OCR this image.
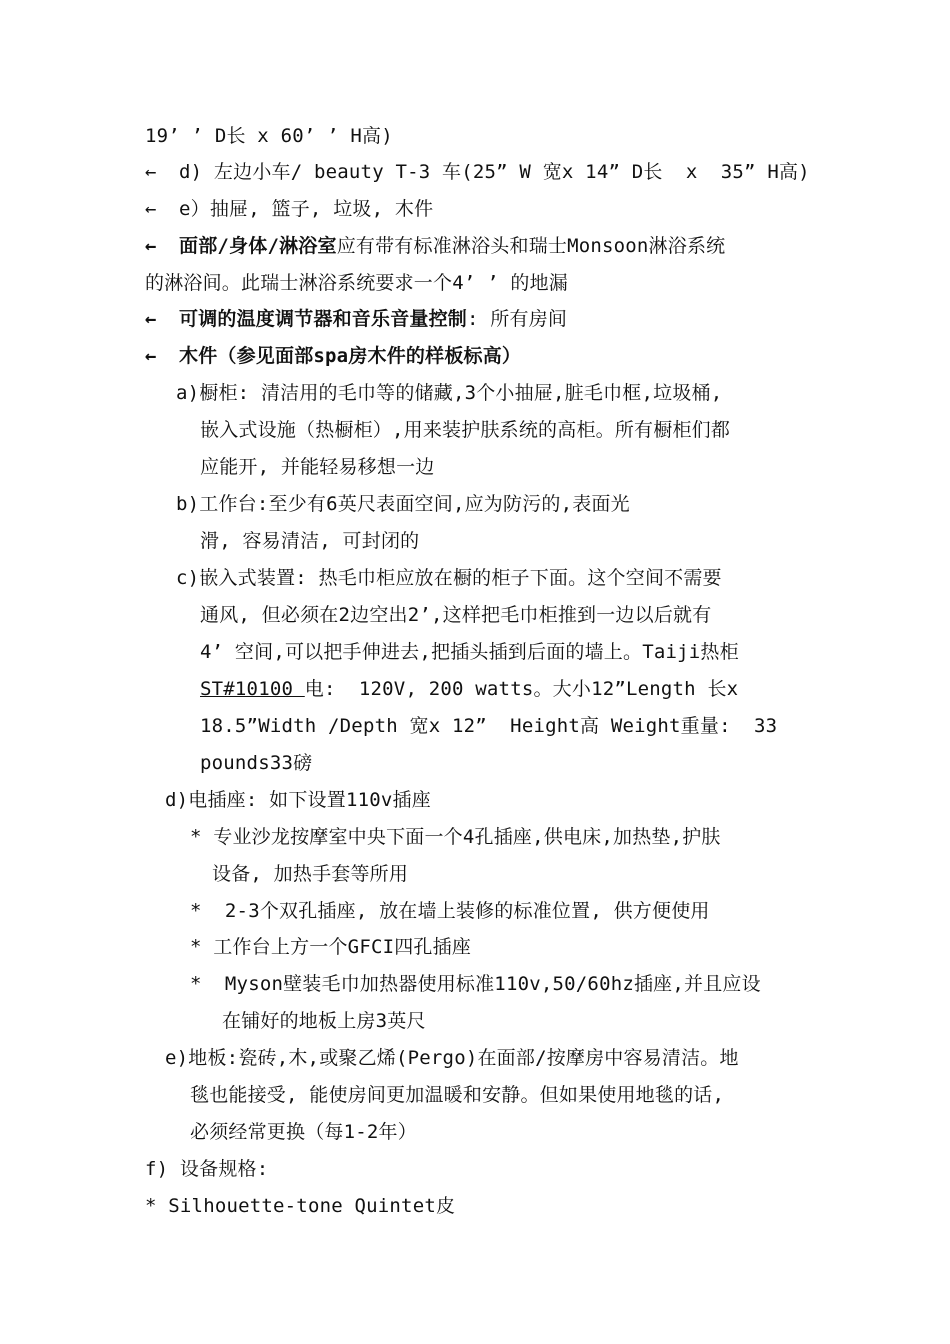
19’ ’ D长 x 60’ ’ H高)
← d) 左边小车/ beauty T-3 车(25” W 宽x 14” D长  x  35” H高)
← e）抽屉, 篮子, 垃圾, 木件
← 面部/身体/淋浴室应有带有标准淋浴头和瑞士Monsoon淋浴系统
的淋浴间。此瑞士淋浴系统要求一个4’ ’ 的地漏
← 可调的温度调节器和音乐音量控制: 所有房间
← 木件（参见面部spa房木件的样板标高）
a)橱柜: 清洁用的毛巾等的储藏,3个小抽屉,脏毛巾框,垃圾桶,
嵌入式设施（热橱柜）,用来装护肤系统的高柜。所有橱柜们都
应能开, 并能轻易移想一边
b)工作台:至少有6英尺表面空间,应为防污的,表面光
滑, 容易清洁, 可封闭的
c)嵌入式装置: 热毛巾柜应放在橱的柜子下面。这个空间不需要
通风, 但必须在2边空出2’,这样把毛巾柜推到一边以后就有
4’ 空间,可以把手伸进去,把插头插到后面的墙上。Taiji热柜
ST#10100 电:  120V, 200 watts。大小12”Length 长x
18.5”Width /Depth 宽x 12”  Height高 Weight重量:  33
pounds33磅
d)电插座: 如下设置110v插座
* 专业沙龙按摩室中央下面一个4孔插座,供电床,加热垫,护肤
设备, 加热手套等所用
*  2-3个双孔插座, 放在墙上装修的标准位置, 供方便使用
* 工作台上方一个GFCI四孔插座
*  Myson壁装毛巾加热器使用标准110v,50/60hz插座,并且应设
在铺好的地板上房3英尺
e)地板:瓷砖,木,或聚乙烯(Pergo)在面部/按摩房中容易清洁。地
毯也能接受, 能使房间更加温暖和安静。但如果使用地毯的话,
必须经常更换（每1-2年）
f) 设备规格:
* Silhouette-tone Quintet皮
